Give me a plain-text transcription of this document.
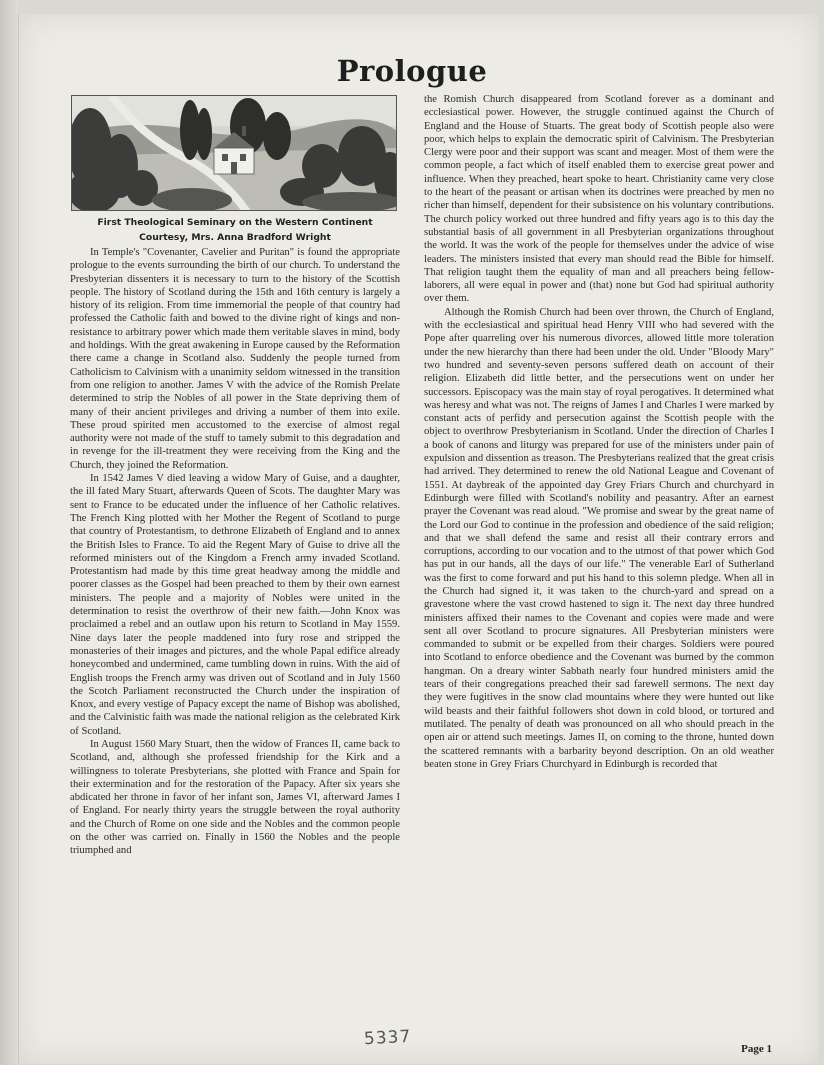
Prologue
First Theological Seminary on the Western Continent
Courtesy, Mrs. Anna Bradford Wright

In Temple's "Covenanter, Cavelier and Puritan" is found the appropriate prologue to the events surrounding the birth of our church. To understand the Presbyterian dissenters it is necessary to turn to the history of the Scottish people. The history of Scotland during the 15th and 16th century is largely a history of its religion. From time immemorial the people of that country had professed the Catholic faith and bowed to the divine right of kings and non-resistance to arbitrary power which made them veritable slaves in mind, body and holdings. With the great awakening in Europe caused by the Reformation there came a change in Scotland also. Suddenly the people turned from Catholicism to Calvinism with a unanimity seldom witnessed in the transition from one religion to another. James V with the advice of the Romish Prelate determined to strip the Nobles of all power in the State depriving them of many of their ancient privileges and driving a number of them into exile. These proud spirited men accustomed to the exercise of almost regal authority were not made of the stuff to tamely submit to this degradation and in revenge for the ill-treatment they were receiving from the King and the Church, they joined the Reformation.

In 1542 James V died leaving a widow Mary of Guise, and a daughter, the ill fated Mary Stuart, afterwards Queen of Scots. The daughter Mary was sent to France to be educated under the influence of her Catholic relatives. The French King plotted with her Mother the Regent of Scotland to purge that country of Protestantism, to dethrone Elizabeth of England and to annex the British Isles to France. To aid the Regent Mary of Guise to drive all the reformed ministers out of the Kingdom a French army invaded Scotland. Protestantism had made by this time great headway among the middle and poorer classes as the Gospel had been preached to them by their own earnest ministers. The people and a majority of Nobles were united in the determination to resist the overthrow of their new faith.—John Knox was proclaimed a rebel and an outlaw upon his return to Scotland in May 1559. Nine days later the people maddened into fury rose and stripped the monasteries of their images and pictures, and the whole Papal edifice already honeycombed and undermined, came tumbling down in ruins. With the aid of English troops the French army was driven out of Scotland and in July 1560 the Scotch Parliament reconstructed the Church under the inspiration of Knox, and every vestige of Papacy except the name of Bishop was abolished, and the Calvinistic faith was made the national religion as the celebrated Kirk of Scotland.

In August 1560 Mary Stuart, then the widow of Frances II, came back to Scotland, and, although she professed friendship for the Kirk and a willingness to tolerate Presbyterians, she plotted with France and Spain for their extermination and for the restoration of the Papacy. After six years she abdicated her throne in favor of her infant son, James VI, afterward James I of England. For nearly thirty years the struggle between the royal authority and the Church of Rome on one side and the Nobles and the common people on the other was carried on. Finally in 1560 the Nobles and the people triumphed and

the Romish Church disappeared from Scotland forever as a dominant and ecclesiastical power. However, the struggle continued against the Church of England and the House of Stuarts. The great body of Scottish people also were poor, which helps to explain the democratic spirit of Calvinism. The Presbyterian Clergy were poor and their support was scant and meager. Most of them were the common people, a fact which of itself enabled them to exercise great power and influence. When they preached, heart spoke to heart. Christianity came very close to the heart of the peasant or artisan when its doctrines were preached by men no richer than himself, dependent for their subsistence on his voluntary contributions. The church policy worked out three hundred and fifty years ago is to this day the substantial basis of all government in all Presbyterian organizations throughout the world. It was the work of the people for themselves under the advice of wise leaders. The ministers insisted that every man should read the Bible for himself. That religion taught them the equality of man and all preachers being fellow-laborers, all were equal in power and (that) none but God had spiritual authority over them.

Although the Romish Church had been over thrown, the Church of England, with the ecclesiastical and spiritual head Henry VIII who had severed with the Pope after quarreling over his numerous divorces, allowed little more toleration under the new hierarchy than there had been under the old. Under "Bloody Mary" two hundred and seventy-seven persons suffered death on account of their religion. Elizabeth did little better, and the persecutions went on under her successors. Episcopacy was the main stay of royal perogatives. It determined what was heresy and what was not. The reigns of James I and Charles I were marked by constant acts of perfidy and persecution against the Scottish people with the object to overthrow Presbyterianism in Scotland. Under the direction of Charles I a book of canons and liturgy was prepared for use of the ministers under pain of expulsion and dissention as treason. The Presbyterians realized that the great crisis had arrived. They determined to renew the old National League and Covenant of 1551. At daybreak of the appointed day Grey Friars Church and churchyard in Edinburgh were filled with Scotland's nobility and peasantry. After an earnest prayer the Covenant was read aloud. "We promise and swear by the great name of the Lord our God to continue in the profession and obedience of the said religion; and that we shall defend the same and resist all their contrary errors and corruptions, according to our vocation and to the utmost of that power which God has put in our hands, all the days of our life." The venerable Earl of Sutherland was the first to come forward and put his hand to this solemn pledge. When all in the Church had signed it, it was taken to the church-yard and spread on a gravestone where the vast crowd hastened to sign it. The next day three hundred ministers affixed their names to the Covenant and copies were made and were sent all over Scotland to procure signatures. All Presbyterian ministers were commanded to submit or be expelled from their charges. Soldiers were poured into Scotland to enforce obedience and the Covenant was burned by the common hangman. On a dreary winter Sabbath nearly four hundred ministers amid the tears of their congregations preached their sad farewell sermons. The next day they were fugitives in the snow clad mountains where they were hunted out like wild beasts and their faithful followers shot down in cold blood, or tortured and mutilated. The penalty of death was pronounced on all who should preach in the open air or attend such meetings. James II, on coming to the throne, hunted down the scattered remnants with a barbarity beyond description. On an old weather beaten stone in Grey Friars Churchyard in Edinburgh is recorded that

5337	Page 1
